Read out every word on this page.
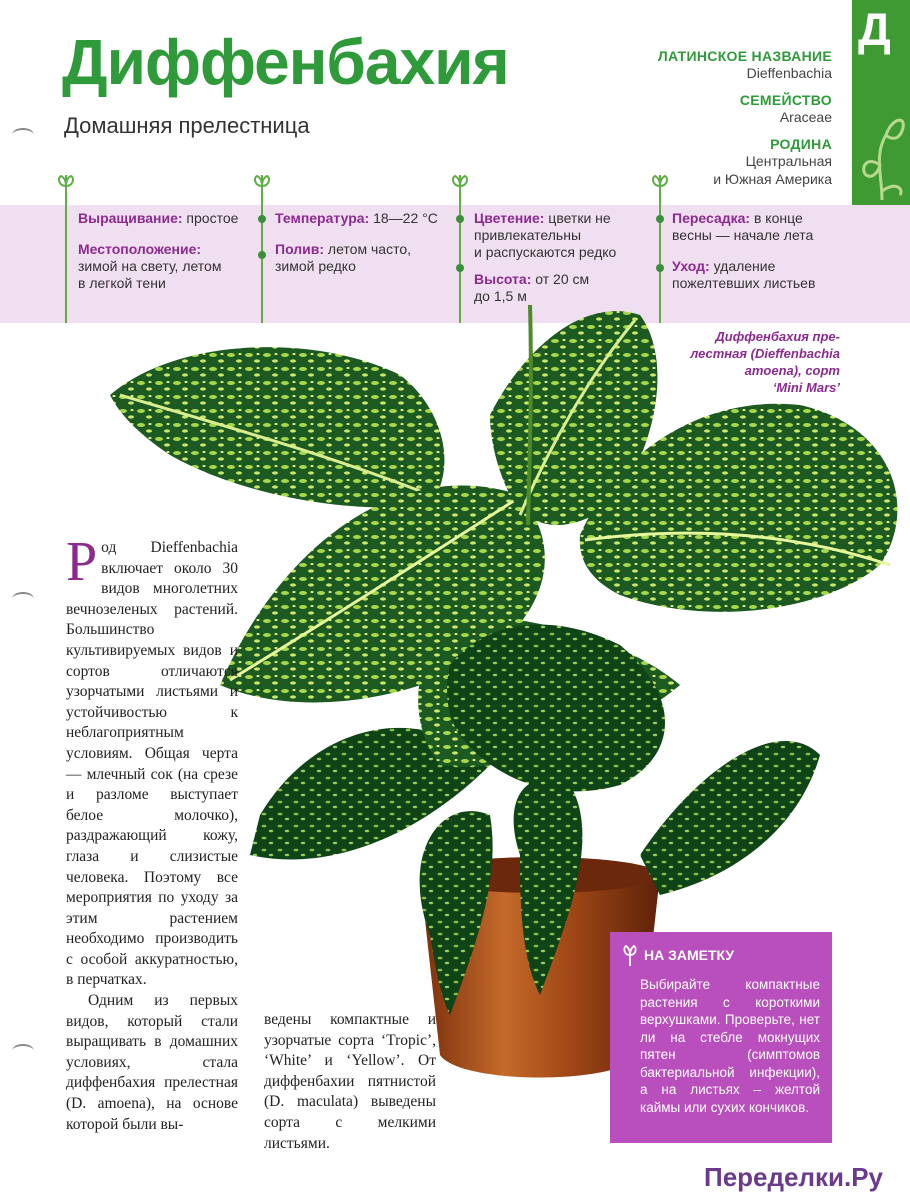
Диффенбахия
Домашняя прелестница
Д
ЛАТИНСКОЕ НАЗВАНИЕ
Dieffenbachia
СЕМЕЙСТВО
Araceae
РОДИНА
Центральная
и Южная Америка

Выращивание: простое

Местоположение:
зимой на свету, летом
в легкой тени

Температура: 18—22 °С

Полив: летом часто,
зимой редко

Цветение: цветки не
привлекательны
и распускаются редко

Высота: от 20 см
до 1,5 м

Пересадка: в конце
весны — начале лета

Уход: удаление
пожелтевших листьев

Диффенбахия пре-
лестная (Dieffenbachia
amoena), сорт
‘Mini Mars’
Р од Dieffenbachia включает около 30 видов многолетних вечнозеленых растений. Большинство культивируемых видов и сортов отличаются узорчатыми листьями и устойчивостью к неблагоприятным условиям. Общая черта — млечный сок (на срезе и разломе выступает белое молочко), раздражающий кожу, глаза и слизистые человека. Поэтому все мероприятия по уходу за этим растением необходимо производить с особой аккуратностью, в перчатках.

Одним из первых видов, который стали выращивать в домашних условиях, стала диффенбахия прелестная (D. amoena), на основе которой были вы-

ведены компактные и узорчатые сорта ‘Tropic’, ‘White’ и ‘Yellow’. От диффенбахии пятнистой (D. maculata) выведены сорта с мелкими листьями.

НА ЗАМЕТКУ
Выбирайте компактные растения с короткими верхушками. Проверьте, нет ли на стебле мокнущих пятен (симптомов бактериальной инфекции), а на листьях – желтой каймы или сухих кончиков.
Переделки.Ру
